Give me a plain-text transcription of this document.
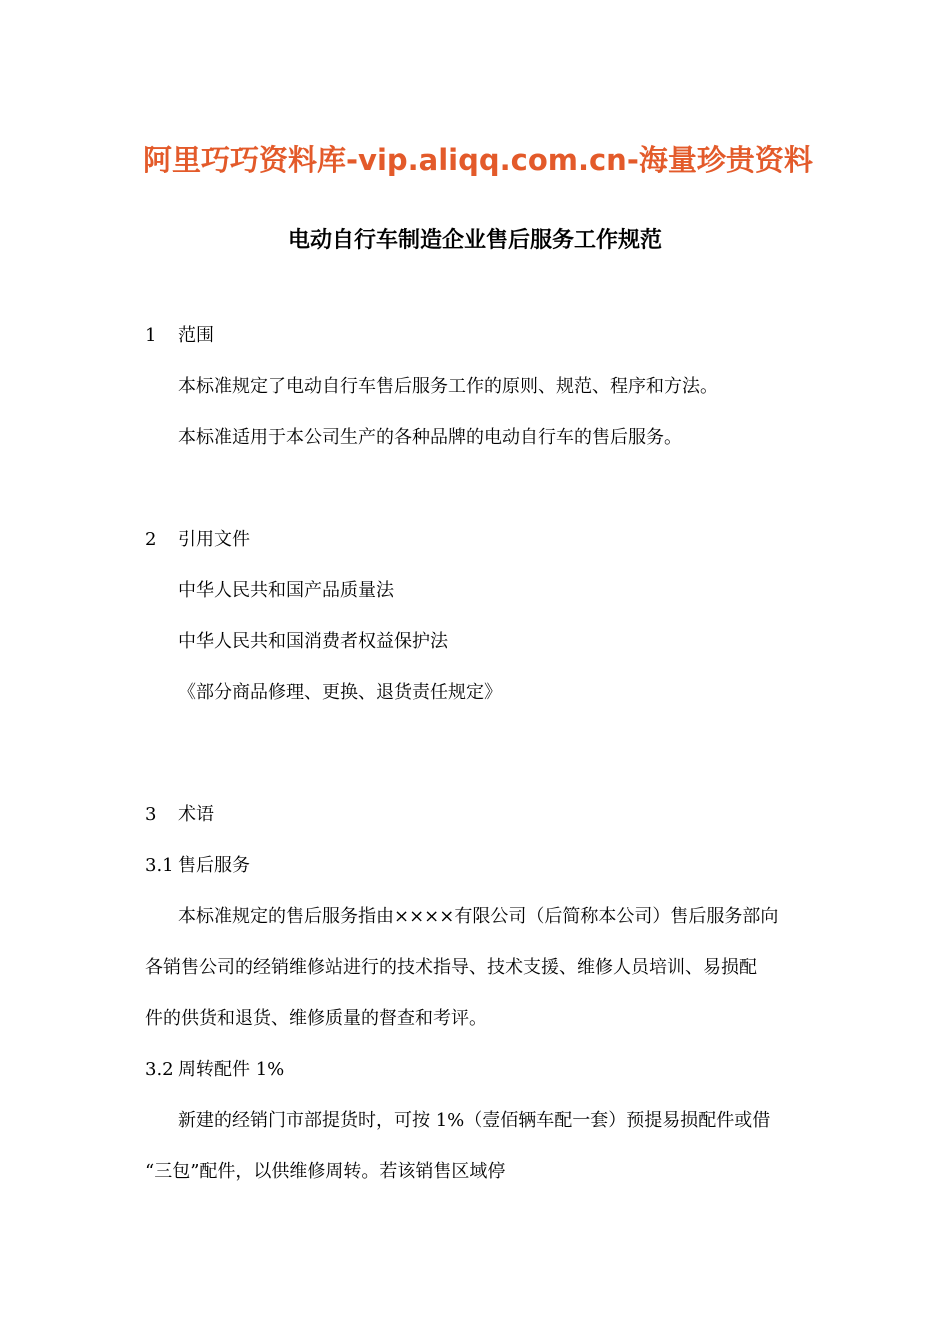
阿里巧巧资料库-vip.aliqq.com.cn-海量珍贵资料
电动自行车制造企业售后服务工作规范
1 范围
本标准规定了电动自行车售后服务工作的原则、规范、程序和方法。
本标准适用于本公司生产的各种品牌的电动自行车的售后服务。
2 引用文件
中华人民共和国产品质量法
中华人民共和国消费者权益保护法
《部分商品修理、更换、退货责任规定》
3 术语
3.1 售后服务
本标准规定的售后服务指由××××有限公司（后简称本公司）售后服务部向
各销售公司的经销维修站进行的技术指导、技术支援、维修人员培训、易损配
件的供货和退货、维修质量的督查和考评。
3.2 周转配件 1%
新建的经销门市部提货时，可按 1%（壹佰辆车配一套）预提易损配件或借
“三包”配件，以供维修周转。若该销售区域停
